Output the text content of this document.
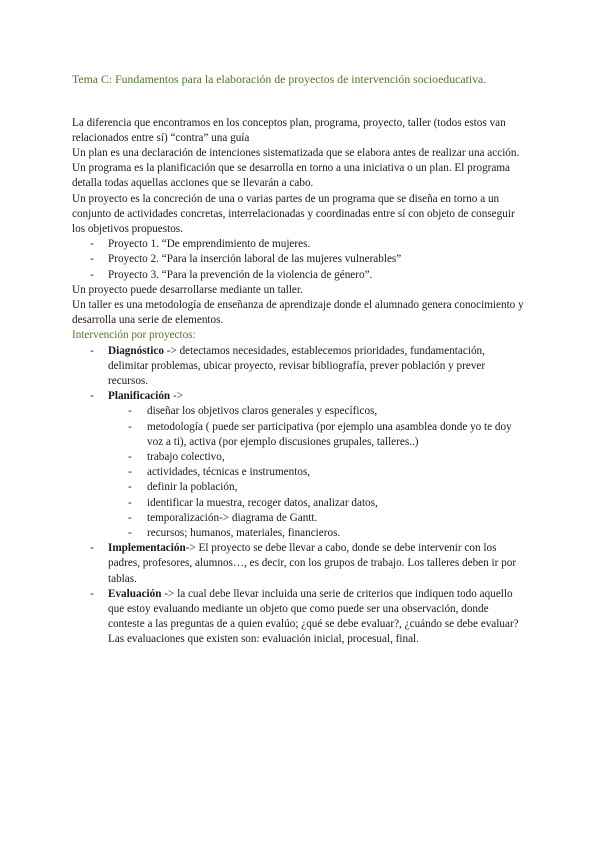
Tema C: Fundamentos para la elaboración de proyectos de intervención socioeducativa.

La diferencia que encontramos en los conceptos plan, programa, proyecto, taller (todos estos van relacionados entre sí) “contra” una guía

Un plan es una declaración de intenciones sistematizada que se elabora antes de realizar una acción.

Un programa es la planificación que se desarrolla en torno a una iniciativa o un plan. El programa detalla todas aquellas acciones que se llevarán a cabo.

Un proyecto es la concreción de una o varias partes de un programa que se diseña en torno a un conjunto de actividades concretas, interrelacionadas y coordinadas entre sí con objeto de conseguir los objetivos propuestos.

- Proyecto 1. “De emprendimiento de mujeres.
- Proyecto 2. “Para la inserción laboral de las mujeres vulnerables”
- Proyecto 3. “Para la prevención de la violencia de género”.

Un proyecto puede desarrollarse mediante un taller.

Un taller es una metodología de enseñanza de aprendizaje donde el alumnado genera conocimiento y desarrolla una serie de elementos.

Intervención por proyectos:

- Diagnóstico -> detectamos necesidades, establecemos prioridades, fundamentación, delimitar problemas, ubicar proyecto, revisar bibliografía, prever población y prever recursos.
- Planificación ->
- diseñar los objetivos claros generales y específicos,
- metodología ( puede ser participativa (por ejemplo una asamblea donde yo te doy voz a ti), activa (por ejemplo discusiones grupales, talleres..)
- trabajo colectivo,
- actividades, técnicas e instrumentos,
- definir la población,
- identificar la muestra, recoger datos, analizar datos,
- temporalización-> diagrama de Gantt.
- recursos; humanos, materiales, financieros.
- Implementación-> El proyecto se debe llevar a cabo, donde se debe intervenir con los padres, profesores, alumnos…, es decir, con los grupos de trabajo. Los talleres deben ir por tablas.
- Evaluación -> la cual debe llevar incluida una serie de criterios que indiquen todo aquello que estoy evaluando mediante un objeto que como puede ser una observación, donde conteste a las preguntas de a quien evalúo; ¿qué se debe evaluar?, ¿cuándo se debe evaluar? Las evaluaciones que existen son: evaluación inicial, procesual, final.
